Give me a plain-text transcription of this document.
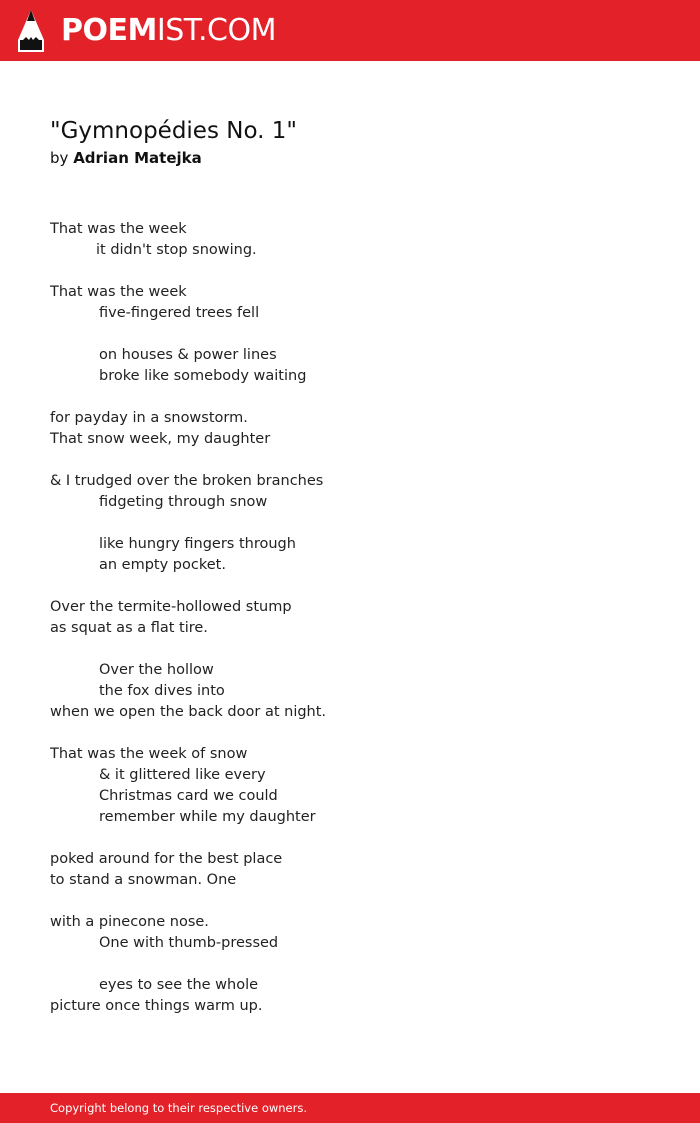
POEMIST.COM
"Gymnopédies No. 1"
by Adrian Matejka
That was the week
it didn't stop snowing.
That was the week
five-fingered trees fell
on houses & power lines
broke like somebody waiting
for payday in a snowstorm.
That snow week, my daughter
& I trudged over the broken branches
fidgeting through snow
like hungry fingers through
an empty pocket.
Over the termite-hollowed stump
as squat as a flat tire.
Over the hollow
the fox dives into
when we open the back door at night.
That was the week of snow
& it glittered like every
Christmas card we could
remember while my daughter
poked around for the best place
to stand a snowman. One
with a pinecone nose.
One with thumb-pressed
eyes to see the whole
picture once things warm up.
Copyright belong to their respective owners.
